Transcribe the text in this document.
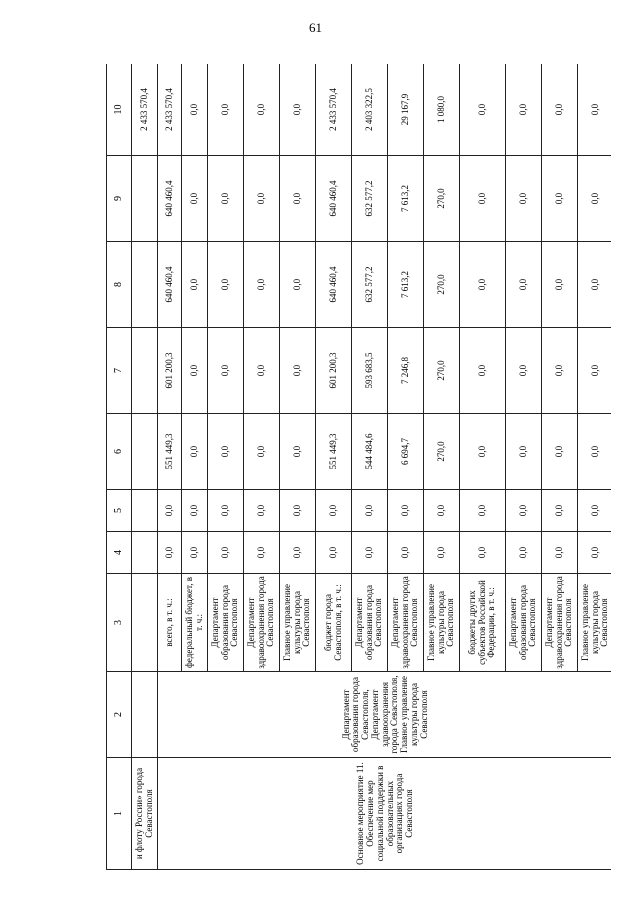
61
1	2	3	4	5	6	7	8	9	10
и флоту России» города Севастополя									2 433 570,4
Основное мероприятие 11. Обеспечение мер социальной поддержки в образовательных организациях города Севастополя	Департамент образования города Севастополя, Департамент здравоохранения города Севастополя, Главное управление культуры города Севастополя	всего, в т. ч.:	0,0	0,0	551 449,3	601 200,3	640 460,4	640 460,4	2 433 570,4
		федеральный бюджет, в т. ч.:	0,0	0,0	0,0	0,0	0,0	0,0	0,0
		Департамент образования города Севастополя	0,0	0,0	0,0	0,0	0,0	0,0	0,0
		Департамент здравоохранения города Севастополя	0,0	0,0	0,0	0,0	0,0	0,0	0,0
		Главное управление культуры города Севастополя	0,0	0,0	0,0	0,0	0,0	0,0	0,0
		бюджет города Севастополя, в т. ч.:	0,0	0,0	551 449,3	601 200,3	640 460,4	640 460,4	2 433 570,4
		Департамент образования города Севастополя	0,0	0,0	544 484,6	593 683,5	632 577,2	632 577,2	2 403 322,5
		Департамент здравоохранения города Севастополя	0,0	0,0	6 694,7	7 246,8	7 613,2	7 613,2	29 167,9
		Главное управление культуры города Севастополя	0,0	0,0	270,0	270,0	270,0	270,0	1 080,0
		бюджеты других субъектов Российской Федерации, в т. ч.:	0,0	0,0	0,0	0,0	0,0	0,0	0,0
		Департамент образования города Севастополя	0,0	0,0	0,0	0,0	0,0	0,0	0,0
		Департамент здравоохранения города Севастополя	0,0	0,0	0,0	0,0	0,0	0,0	0,0
		Главное управление культуры города Севастополя	0,0	0,0	0,0	0,0	0,0	0,0	0,0
